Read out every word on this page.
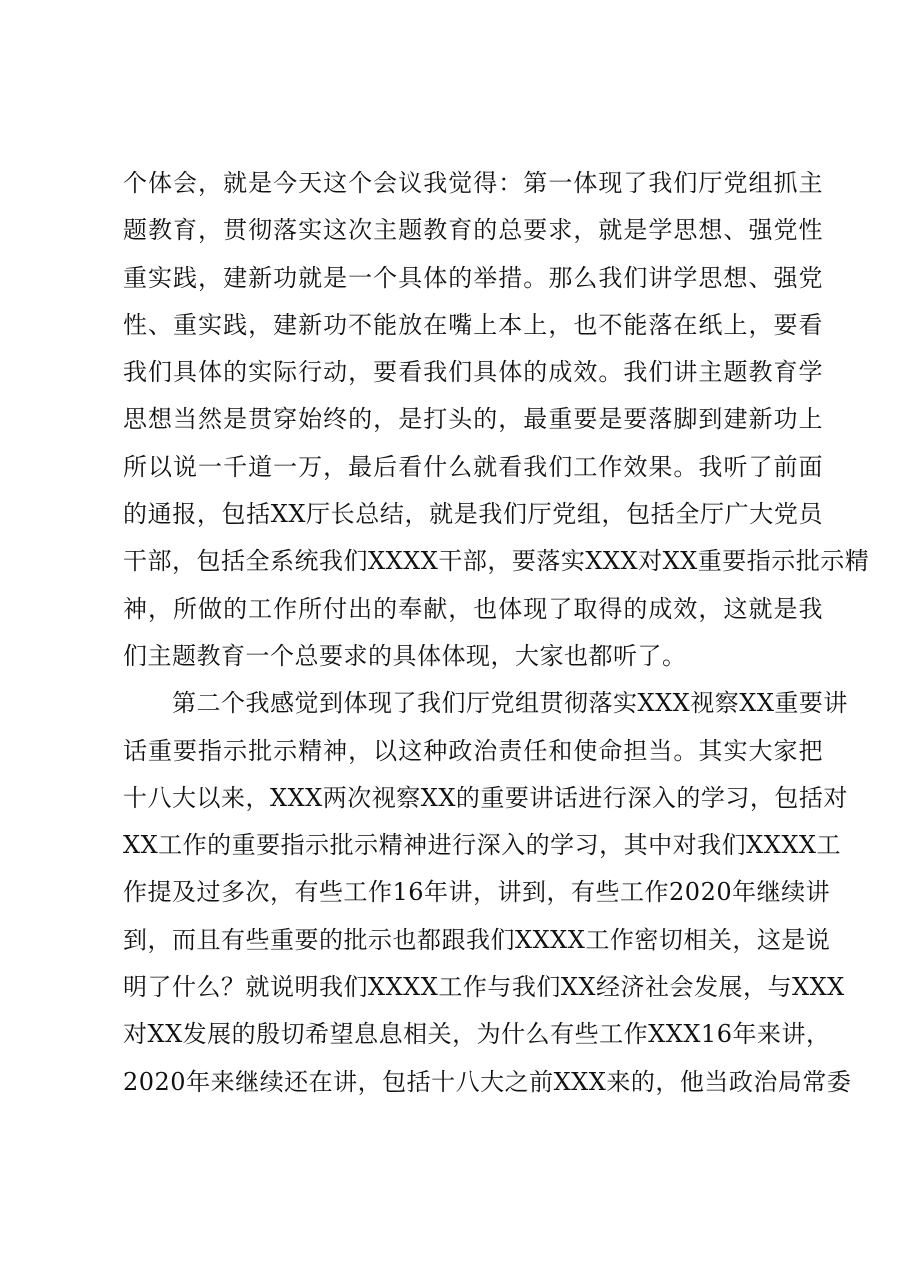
个体会，就是今天这个会议我觉得：第一体现了我们厅党组抓主
题教育，贯彻落实这次主题教育的总要求，就是学思想、强党性
重实践，建新功就是一个具体的举措。那么我们讲学思想、强党
性、重实践，建新功不能放在嘴上本上，也不能落在纸上，要看
我们具体的实际行动，要看我们具体的成效。我们讲主题教育学
思想当然是贯穿始终的，是打头的，最重要是要落脚到建新功上
所以说一千道一万，最后看什么就看我们工作效果。我听了前面
的通报，包括XX厅长总结，就是我们厅党组，包括全厅广大党员
干部，包括全系统我们XXXX干部，要落实XXX对XX重要指示批示精
神，所做的工作所付出的奉献，也体现了取得的成效，这就是我
们主题教育一个总要求的具体体现，大家也都听了。
　　第二个我感觉到体现了我们厅党组贯彻落实XXX视察XX重要讲
话重要指示批示精神，以这种政治责任和使命担当。其实大家把
十八大以来，XXX两次视察XX的重要讲话进行深入的学习，包括对
XX工作的重要指示批示精神进行深入的学习，其中对我们XXXX工
作提及过多次，有些工作16年讲，讲到，有些工作2020年继续讲
到，而且有些重要的批示也都跟我们XXXX工作密切相关，这是说
明了什么？就说明我们XXXX工作与我们XX经济社会发展，与XXX
对XX发展的殷切希望息息相关，为什么有些工作XXX16年来讲，
2020年来继续还在讲，包括十八大之前XXX来的，他当政治局常委
